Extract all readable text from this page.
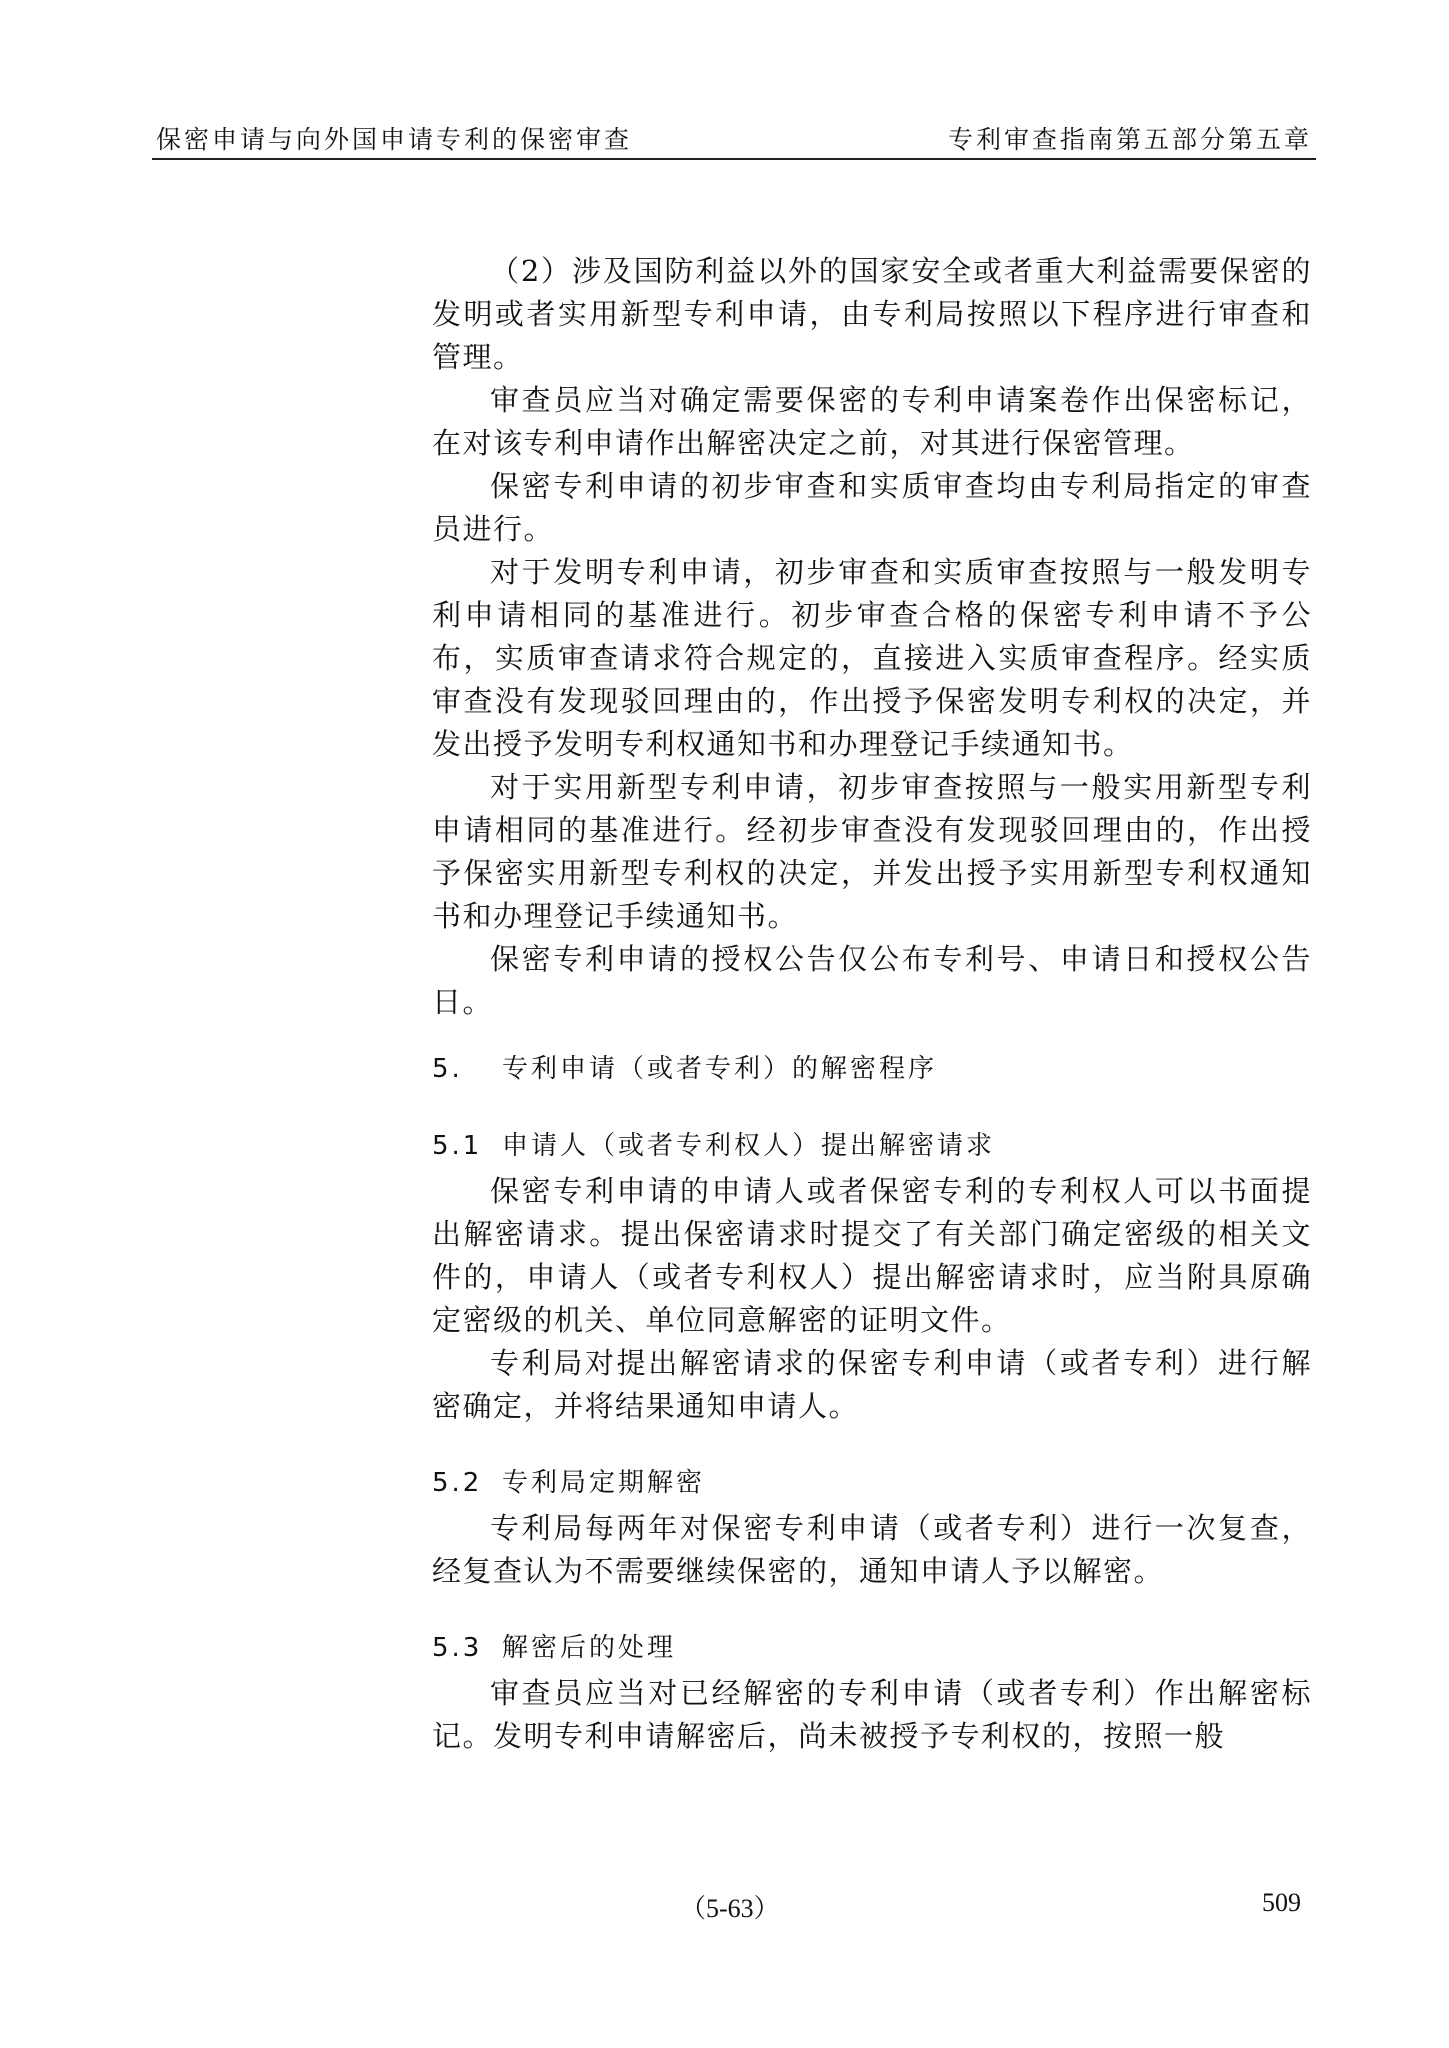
保密申请与向外国申请专利的保密审查	专利审查指南第五部分第五章

（2）涉及国防利益以外的国家安全或者重大利益需要保密的发明或者实用新型专利申请，由专利局按照以下程序进行审查和管理。

审查员应当对确定需要保密的专利申请案卷作出保密标记，在对该专利申请作出解密决定之前，对其进行保密管理。

保密专利申请的初步审查和实质审查均由专利局指定的审查员进行。

对于发明专利申请，初步审查和实质审查按照与一般发明专利申请相同的基准进行。初步审查合格的保密专利申请不予公布，实质审查请求符合规定的，直接进入实质审查程序。经实质审查没有发现驳回理由的，作出授予保密发明专利权的决定，并发出授予发明专利权通知书和办理登记手续通知书。

对于实用新型专利申请，初步审查按照与一般实用新型专利申请相同的基准进行。经初步审查没有发现驳回理由的，作出授予保密实用新型专利权的决定，并发出授予实用新型专利权通知书和办理登记手续通知书。

保密专利申请的授权公告仅公布专利号、申请日和授权公告日。

5. 专利申请（或者专利）的解密程序
5.1 申请人（或者专利权人）提出解密请求

保密专利申请的申请人或者保密专利的专利权人可以书面提出解密请求。提出保密请求时提交了有关部门确定密级的相关文件的，申请人（或者专利权人）提出解密请求时，应当附具原确定密级的机关、单位同意解密的证明文件。

专利局对提出解密请求的保密专利申请（或者专利）进行解密确定，并将结果通知申请人。

5.2 专利局定期解密

专利局每两年对保密专利申请（或者专利）进行一次复查，经复查认为不需要继续保密的，通知申请人予以解密。

5.3 解密后的处理

审查员应当对已经解密的专利申请（或者专利）作出解密标记。发明专利申请解密后，尚未被授予专利权的，按照一般

（5-63）	509
